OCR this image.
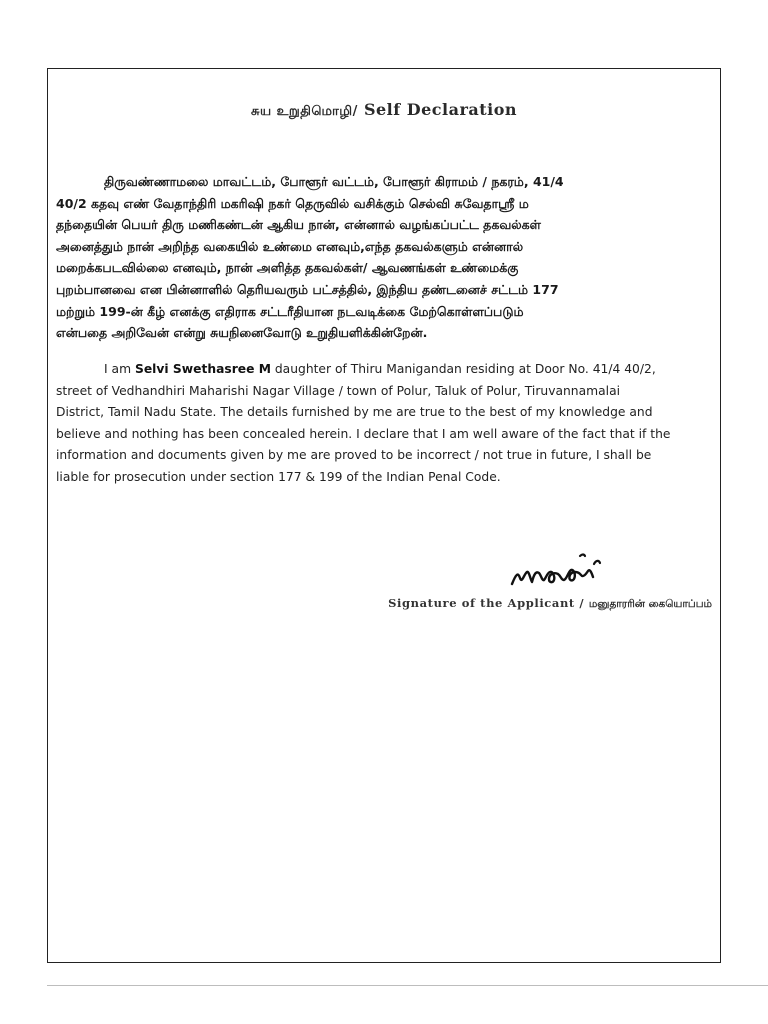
சுய உறுதிமொழி/ Self Declaration
திருவண்ணாமலை மாவட்டம், போளூர் வட்டம், போளூர் கிராமம் / நகரம், 41/4
40/2 கதவு எண் வேதாந்திரி மகரிஷி நகர் தெருவில் வசிக்கும் செல்வி சுவேதாஸ்ரீ ம
தந்தையின் பெயர் திரு மணிகண்டன் ஆகிய நான், என்னால் வழங்கப்பட்ட தகவல்கள்
அனைத்தும் நான் அறிந்த வகையில் உண்மை எனவும்,எந்த தகவல்களும் என்னால்
மறைக்கபடவில்லை எனவும், நான் அளித்த தகவல்கள்/ ஆவணங்கள் உண்மைக்கு
புறம்பானவை என பின்னாளில் தெரியவரும் பட்சத்தில், இந்திய தண்டனைச் சட்டம் 177
மற்றும் 199-ன் கீழ் எனக்கு எதிராக சட்டரீதியான நடவடிக்கை மேற்கொள்ளப்படும்
என்பதை அறிவேன் என்று சுயநினைவோடு உறுதியளிக்கின்றேன்.
I am Selvi Swethasree M daughter of Thiru Manigandan residing at Door No. 41/4 40/2,
street of Vedhandhiri Maharishi Nagar Village / town of Polur, Taluk of Polur, Tiruvannamalai
District, Tamil Nadu State. The details furnished by me are true to the best of my knowledge and
believe and nothing has been concealed herein. I declare that I am well aware of the fact that if the
information and documents given by me are proved to be incorrect / not true in future, I shall be
liable for prosecution under section 177 & 199 of the Indian Penal Code.
Signature of the Applicant / மனுதாரரின் கையொப்பம்
